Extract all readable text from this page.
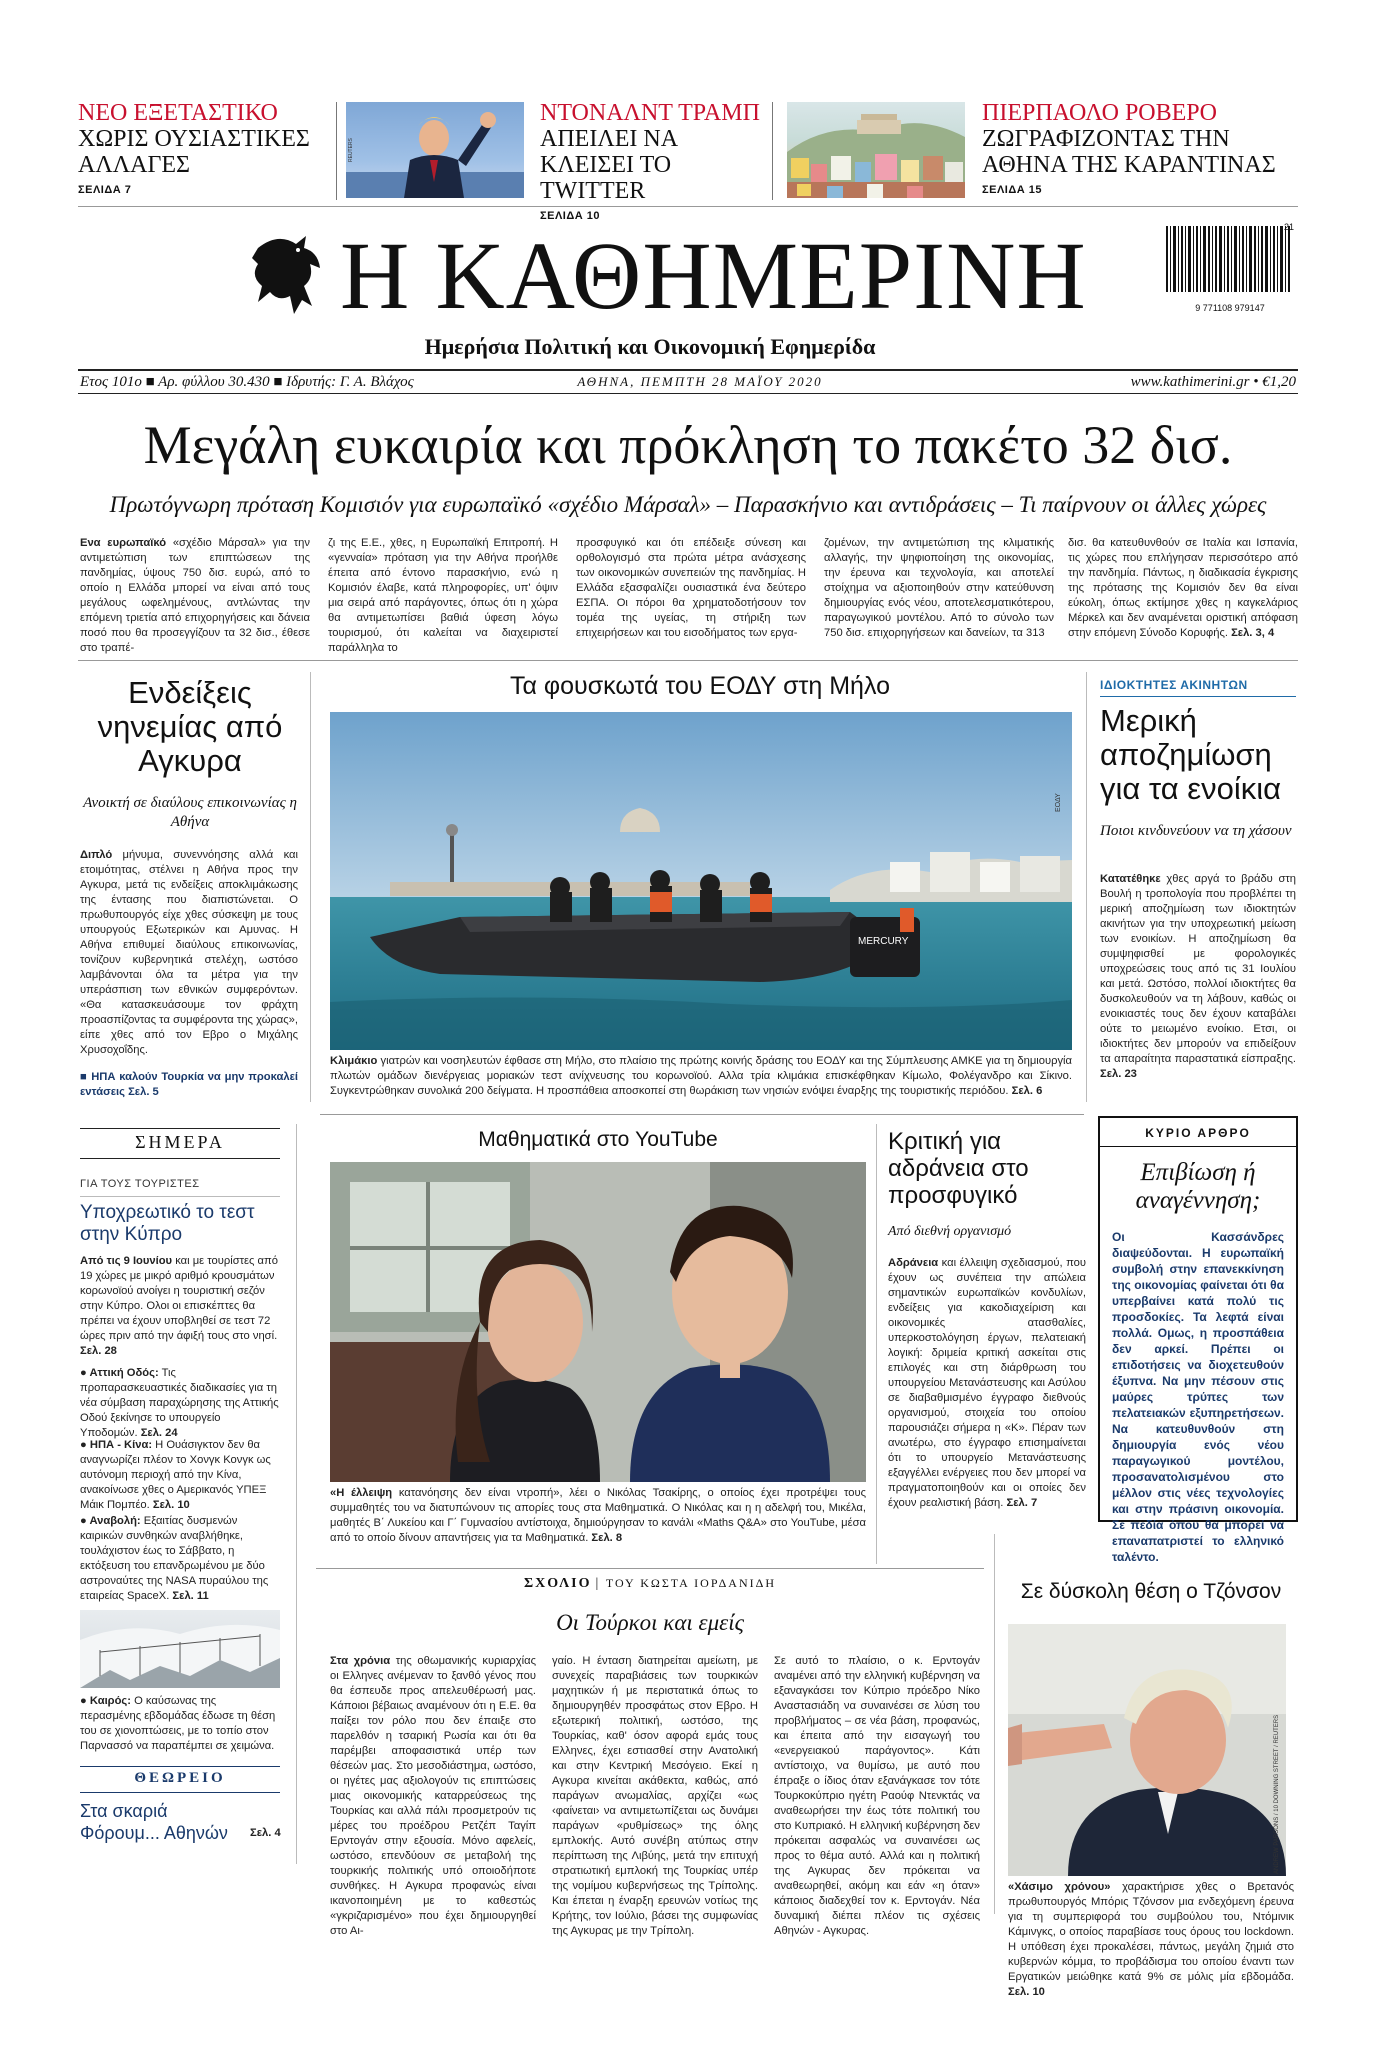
ΝΕΟ ΕΞΕΤΑΣΤΙΚΟ
ΧΩΡΙΣ ΟΥΣΙΑΣΤΙΚΕΣ ΑΛΛΑΓΕΣ
ΣΕΛΙΔΑ 7
REUTERS
ΝΤΟΝΑΛΝΤ ΤΡΑΜΠ
ΑΠΕΙΛΕΙ ΝΑ ΚΛΕΙΣΕΙ ΤΟ TWITTER
ΣΕΛΙΔΑ 10
ΠΙΕΡΠΑΟΛΟ ΡΟΒΕΡΟ
ΖΩΓΡΑΦΙΖΟΝΤΑΣ ΤΗΝ ΑΘΗΝΑ ΤΗΣ ΚΑΡΑΝΤΙΝΑΣ
ΣΕΛΙΔΑ 15
Η ΚΑΘΗΜΕΡΙΝΗ	9 771108 979147
21
Ημερήσια Πολιτική και Οικονομική Εφημερίδα
Ετος 101ο ■ Αρ. φύλλου 30.430 ■ Ιδρυτής: Γ. Α. Βλάχος	ΑΘΗΝΑ, ΠΕΜΠΤΗ 28 ΜΑΪΟΥ 2020	www.kathimerini.gr • €1,20
Μεγάλη ευκαιρία και πρόκληση το πακέτο 32 δισ.
Πρωτόγνωρη πρόταση Κομισιόν για ευρωπαϊκό «σχέδιο Μάρσαλ» – Παρασκήνιο και αντιδράσεις – Τι παίρνουν οι άλλες χώρες
Ενα ευρωπαϊκό «σχέδιο Μάρσαλ» για την αντιμετώπιση των επιπτώσεων της πανδημίας, ύψους 750 δισ. ευρώ, από το οποίο η Ελλάδα μπορεί να είναι από τους μεγάλους ωφελημένους, αντλώντας την επόμενη τριετία από επιχορηγήσεις και δάνεια ποσό που θα προσεγγίζουν τα 32 δισ., έθεσε στο τραπέ-
ζι της Ε.Ε., χθες, η Ευρωπαϊκή Επιτροπή. Η «γενναία» πρόταση για την Αθήνα προήλθε έπειτα από έντονο παρασκήνιο, ενώ η Κομισιόν έλαβε, κατά πληροφορίες, υπ' όψιν μια σειρά από παράγοντες, όπως ότι η χώρα θα αντιμετωπίσει βαθιά ύφεση λόγω τουρισμού, ότι καλείται να διαχειριστεί παράλληλα το
προσφυγικό και ότι επέδειξε σύνεση και ορθολογισμό στα πρώτα μέτρα ανάσχεσης των οικονομικών συνεπειών της πανδημίας. Η Ελλάδα εξασφαλίζει ουσιαστικά ένα δεύτερο ΕΣΠΑ. Οι πόροι θα χρηματοδοτήσουν τον τομέα της υγείας, τη στήριξη των επιχειρήσεων και του εισοδήματος των εργα-
ζομένων, την αντιμετώπιση της κλιματικής αλλαγής, την ψηφιοποίηση της οικονομίας, την έρευνα και τεχνολογία, και αποτελεί στοίχημα να αξιοποιηθούν στην κατεύθυνση δημιουργίας ενός νέου, αποτελεσματικότερου, παραγωγικού μοντέλου. Από το σύνολο των 750 δισ. επιχορηγήσεων και δανείων, τα 313
δισ. θα κατευθυνθούν σε Ιταλία και Ισπανία, τις χώρες που επλήγησαν περισσότερο από την πανδημία. Πάντως, η διαδικασία έγκρισης της πρότασης της Κομισιόν δεν θα είναι εύκολη, όπως εκτίμησε χθες η καγκελάριος Μέρκελ και δεν αναμένεται οριστική απόφαση στην επόμενη Σύνοδο Κορυφής. Σελ. 3, 4
Ενδείξεις νηνεμίας από Αγκυρα
Ανοικτή σε διαύλους επικοινωνίας η Αθήνα
Διπλό μήνυμα, συνεννόησης αλλά και ετοιμότητας, στέλνει η Αθήνα προς την Αγκυρα, μετά τις ενδείξεις αποκλιμάκωσης της έντασης που διαπιστώνεται. Ο πρωθυπουργός είχε χθες σύσκεψη με τους υπουργούς Εξωτερικών και Αμυνας. Η Αθήνα επιθυμεί διαύλους επικοινωνίας, τονίζουν κυβερνητικά στελέχη, ωστόσο λαμβάνονται όλα τα μέτρα για την υπεράσπιση των εθνικών συμφερόντων. «Θα κατασκευάσουμε τον φράχτη προασπίζοντας τα συμφέροντα της χώρας», είπε χθες από τον Εβρο ο Μιχάλης Χρυσοχοΐδης.
■ ΗΠΑ καλούν Τουρκία να μην προκαλεί εντάσεις Σελ. 5
Τα φουσκωτά του ΕΟΔΥ στη Μήλο
MERCURY
ΕΟΔΥ
Κλιμάκιο γιατρών και νοσηλευτών έφθασε στη Μήλο, στο πλαίσιο της πρώτης κοινής δράσης του ΕΟΔΥ και της Σύμπλευσης ΑΜΚΕ για τη δημιουργία πλωτών ομάδων διενέργειας μοριακών τεστ ανίχνευσης του κορωνοϊού. Αλλα τρία κλιμάκια επισκέφθηκαν Κίμωλο, Φολέγανδρο και Σίκινο. Συγκεντρώθηκαν συνολικά 200 δείγματα. Η προσπάθεια αποσκοπεί στη θωράκιση των νησιών ενόψει έναρξης της τουριστικής περιόδου. Σελ. 6
ΙΔΙΟΚΤΗΤΕΣ ΑΚΙΝΗΤΩΝ
Μερική αποζημίωση για τα ενοίκια
Ποιοι κινδυνεύουν να τη χάσουν
Κατατέθηκε χθες αργά το βράδυ στη Βουλή η τροπολογία που προβλέπει τη μερική αποζημίωση των ιδιοκτητών ακινήτων για την υποχρεωτική μείωση των ενοικίων. Η αποζημίωση θα συμψηφισθεί με φορολογικές υποχρεώσεις τους από τις 31 Ιουλίου και μετά. Ωστόσο, πολλοί ιδιοκτήτες θα δυσκολευθούν να τη λάβουν, καθώς οι ενοικιαστές τους δεν έχουν καταβάλει ούτε το μειωμένο ενοίκιο. Ετσι, οι ιδιοκτήτες δεν μπορούν να επιδείξουν τα απαραίτητα παραστατικά είσπραξης. Σελ. 23
ΣΗΜΕΡΑ
ΓΙΑ ΤΟΥΣ ΤΟΥΡΙΣΤΕΣ
Υποχρεωτικό το τεστ στην Κύπρο
Από τις 9 Ιουνίου και με τουρίστες από 19 χώρες με μικρό αριθμό κρουσμάτων κορωνοϊού ανοίγει η τουριστική σεζόν στην Κύπρο. Ολοι οι επισκέπτες θα πρέπει να έχουν υποβληθεί σε τεστ 72 ώρες πριν από την άφιξή τους στο νησί. Σελ. 28
● Αττική Οδός: Τις προπαρασκευαστικές διαδικασίες για τη νέα σύμβαση παραχώρησης της Αττικής Οδού ξεκίνησε το υπουργείο Υποδομών. Σελ. 24
● ΗΠΑ - Κίνα: Η Ουάσιγκτον δεν θα αναγνωρίζει πλέον το Χονγκ Κονγκ ως αυτόνομη περιοχή από την Κίνα, ανακοίνωσε χθες ο Αμερικανός ΥΠΕΞ Μάικ Πομπέο. Σελ. 10
● Αναβολή: Εξαιτίας δυσμενών καιρικών συνθηκών αναβλήθηκε, τουλάχιστον έως το Σάββατο, η εκτόξευση του επανδρωμένου με δύο αστροναύτες της NASA πυραύλου της εταιρείας SpaceX. Σελ. 11
● Καιρός: Ο καύσωνας της περασμένης εβδομάδας έδωσε τη θέση του σε χιονοπτώσεις, με το τοπίο στον Παρνασσό να παραπέμπει σε χειμώνα.
ΘΕΩΡΕΙΟ
Στα σκαριά Φόρουμ... Αθηνών	Σελ. 4
Μαθηματικά στο YouTube
«Η έλλειψη κατανόησης δεν είναι ντροπή», λέει ο Νικόλας Τσακίρης, ο οποίος έχει προτρέψει τους συμμαθητές του να διατυπώνουν τις απορίες τους στα Μαθηματικά. Ο Νικόλας και η η αδελφή του, Μικέλα, μαθητές Β΄ Λυκείου και Γ΄ Γυμνασίου αντίστοιχα, δημιούργησαν το κανάλι «Maths Q&A» στο YouTube, μέσα από το οποίο δίνουν απαντήσεις για τα Μαθηματικά. Σελ. 8
Κριτική για αδράνεια στο προσφυγικό
Από διεθνή οργανισμό
Αδράνεια και έλλειψη σχεδιασμού, που έχουν ως συνέπεια την απώλεια σημαντικών ευρωπαϊκών κονδυλίων, ενδείξεις για κακοδιαχείριση και οικονομικές ατασθαλίες, υπερκοστολόγηση έργων, πελατειακή λογική: δριμεία κριτική ασκείται στις επιλογές και στη διάρθρωση του υπουργείου Μετανάστευσης και Ασύλου σε διαβαθμισμένο έγγραφο διεθνούς οργανισμού, στοιχεία του οποίου παρουσιάζει σήμερα η «Κ». Πέραν των ανωτέρω, στο έγγραφο επισημαίνεται ότι το υπουργείο Μετανάστευσης εξαγγέλλει ενέργειες που δεν μπορεί να πραγματοποιηθούν και οι οποίες δεν έχουν ρεαλιστική βάση. Σελ. 7
ΚΥΡΙΟ ΑΡΘΡΟ
Επιβίωση ή αναγέννηση;
Οι Κασσάνδρες διαψεύδονται. Η ευρωπαϊκή συμβολή στην επανεκκίνηση της οικονομίας φαίνεται ότι θα υπερβαίνει κατά πολύ τις προσδοκίες. Τα λεφτά είναι πολλά. Ομως, η προσπάθεια δεν αρκεί. Πρέπει οι επιδοτήσεις να διοχετευθούν έξυπνα. Να μην πέσουν στις μαύρες τρύπες των πελατειακών εξυπηρετήσεων. Να κατευθυνθούν στη δημιουργία ενός νέου παραγωγικού μοντέλου, προσανατολισμένου στο μέλλον στις νέες τεχνολογίες και στην πράσινη οικονομία. Σε πεδία όπου θα μπορεί να επαναπατριστεί το ελληνικό ταλέντο.
ΣΧΟΛΙΟ | ΤΟΥ ΚΩΣΤΑ ΙΟΡΔΑΝΙΔΗ
Οι Τούρκοι και εμείς
Στα χρόνια της οθωμανικής κυριαρχίας οι Ελληνες ανέμεναν το ξανθό γένος που θα έσπευδε προς απελευθέρωσή μας. Κάποιοι βέβαιως αναμένουν ότι η Ε.Ε. θα παίξει τον ρόλο που δεν έπαιξε στο παρελθόν η τσαρική Ρωσία και ότι θα παρέμβει αποφασιστικά υπέρ των θέσεών μας. Στο μεσοδιάστημα, ωστόσο, οι ηγέτες μας αξιολογούν τις επιπτώσεις μιας οικονομικής καταρρεύσεως της Τουρκίας και αλλά πάλι προσμετρούν τις μέρες του προέδρου Ρετζέπ Ταγίπ Ερντογάν στην εξουσία. Μόνο αφελείς, ωστόσο, επενδύουν σε μεταβολή της τουρκικής πολιτικής υπό οποιοδήποτε συνθήκες. Η Αγκυρα προφανώς είναι ικανοποιημένη με το καθεστώς «γκριζαρισμένο» που έχει δημιουργηθεί στο Αι-
γαίο. Η ένταση διατηρείται αμείωτη, με συνεχείς παραβιάσεις των τουρκικών μαχητικών ή με περιστατικά όπως το δημιουργηθέν προσφάτως στον Εβρο. Η εξωτερική πολιτική, ωστόσο, της Τουρκίας, καθ' όσον αφορά εμάς τους Ελληνες, έχει εστιασθεί στην Ανατολική και στην Κεντρική Μεσόγειο. Εκεί η Αγκυρα κινείται ακάθεκτα, καθώς, από παράγων ανωμαλίας, αρχίζει «ως ‹φαίνεται› να αντιμετωπίζεται ως δυνάμει παράγων «ρυθμίσεως» της όλης εμπλοκής. Αυτό συνέβη ατύπως στην περίπτωση της Λιβύης, μετά την επιτυχή στρατιωτική εμπλοκή της Τουρκίας υπέρ της νομίμου κυβερνήσεως της Τρίπολης. Και έπεται η έναρξη ερευνών νοτίως της Κρήτης, τον Ιούλιο, βάσει της συμφωνίας της Αγκυρας με την Τρίπολη.
Σε αυτό το πλαίσιο, ο κ. Ερντογάν αναμένει από την ελληνική κυβέρνηση να εξαναγκάσει τον Κύπριο πρόεδρο Νίκο Αναστασιάδη να συναινέσει σε λύση του προβλήματος – σε νέα βάση, προφανώς, και έπειτα από την εισαγωγή του «ενεργειακού παράγοντος». Κάτι αντίστοιχο, να θυμίσω, με αυτό που έπραξε ο ίδιος όταν εξανάγκασε τον τότε Τουρκοκύπριο ηγέτη Ραούφ Ντενκτάς να αναθεωρήσει την έως τότε πολιτική του στο Κυπριακό. Η ελληνική κυβέρνηση δεν πρόκειται ασφαλώς να συναινέσει ως προς το θέμα αυτό. Αλλά και η πολιτική της Αγκυρας δεν πρόκειται να αναθεωρηθεί, ακόμη και εάν «η όταν» κάποιος διαδεχθεί τον κ. Ερντογάν. Νέα δυναμική διέπει πλέον τις σχέσεις Αθηνών - Αγκυρας.
Σε δύσκολη θέση ο Τζόνσον
ANDREW PARSONS / 10 DOWNING STREET / REUTERS
«Χάσιμο χρόνου» χαρακτήρισε χθες ο Βρετανός πρωθυπουργός Μπόρις Τζόνσον μια ενδεχόμενη έρευνα για τη συμπεριφορά του συμβούλου του, Ντόμινικ Κάμινγκς, ο οποίος παραβίασε τους όρους του lockdown. Η υπόθεση έχει προκαλέσει, πάντως, μεγάλη ζημιά στο κυβερνών κόμμα, το προβάδισμα του οποίου έναντι των Εργατικών μειώθηκε κατά 9% σε μόλις μία εβδομάδα. Σελ. 10
